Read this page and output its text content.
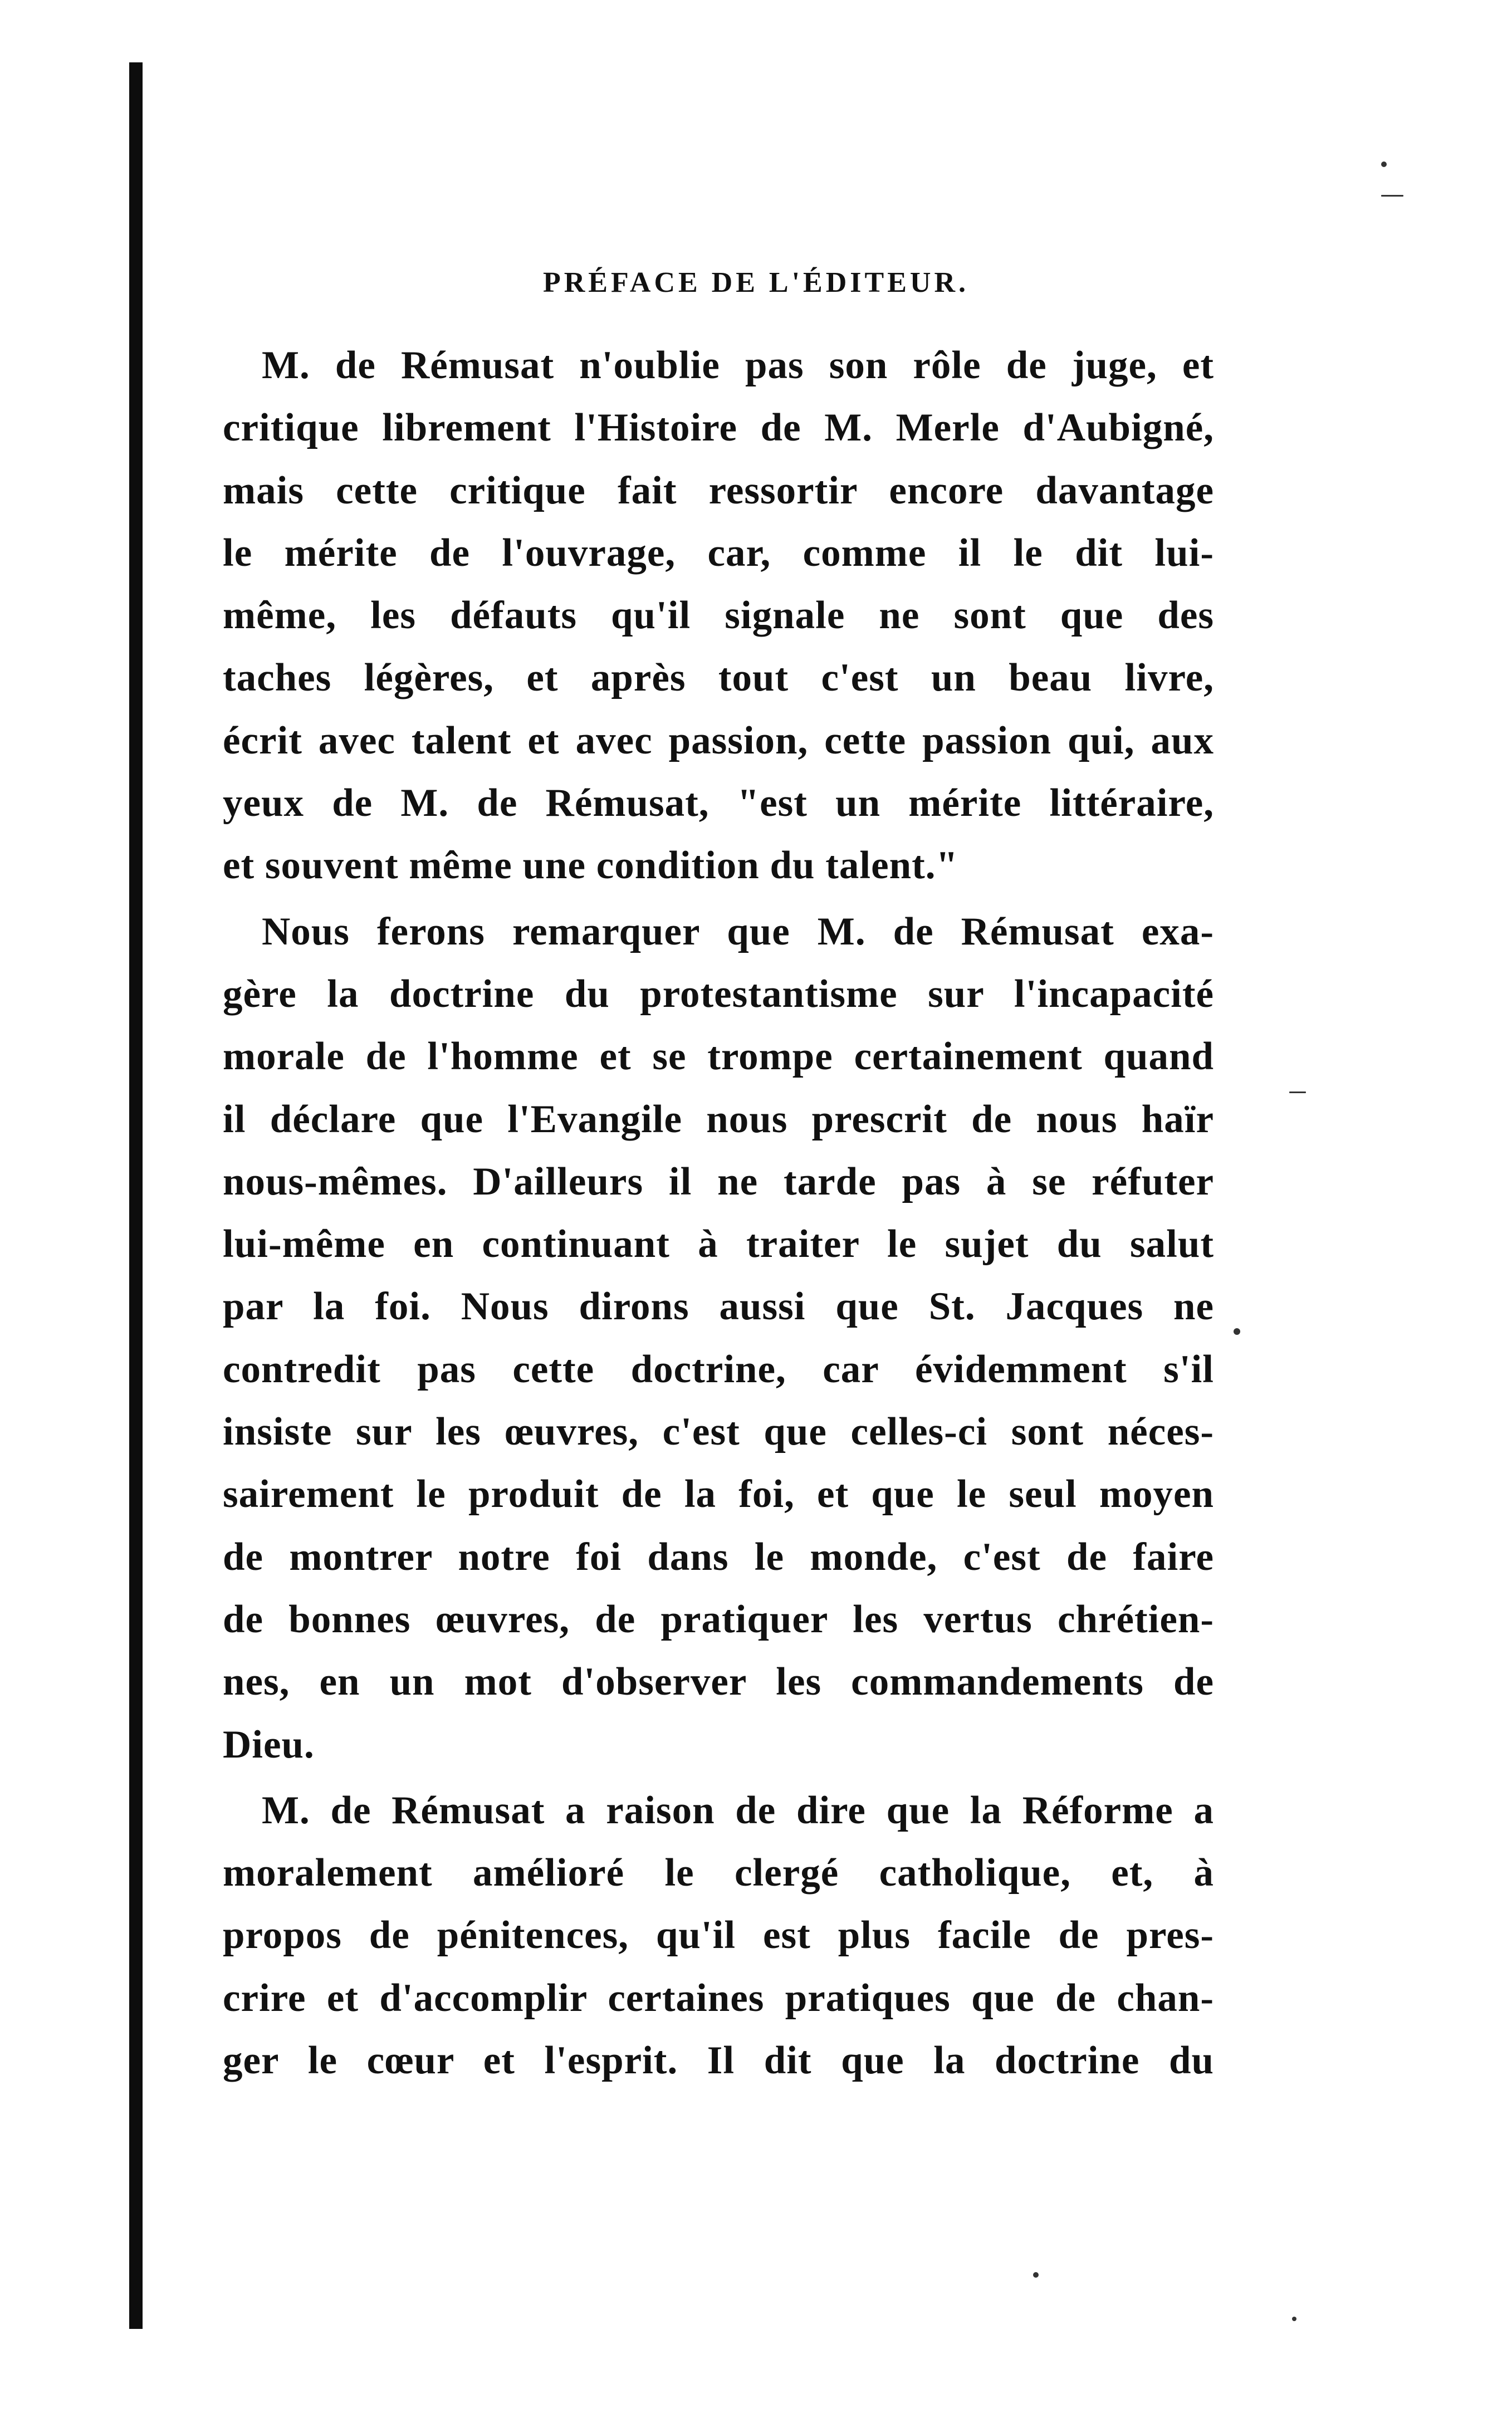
PRÉFACE DE L'ÉDITEUR.

M. de Rémusat n'oublie pas son rôle de juge, et
critique librement l'Histoire de M. Merle d'Aubigné,
mais cette critique fait ressortir encore davantage
le mérite de l'ouvrage, car, comme il le dit lui-
même, les défauts qu'il signale ne sont que des
taches légères, et après tout c'est un beau livre,
écrit avec talent et avec passion, cette passion qui, aux
yeux de M. de Rémusat, "est un mérite littéraire,
et souvent même une condition du talent."

Nous ferons remarquer que M. de Rémusat exa-
gère la doctrine du protestantisme sur l'incapacité
morale de l'homme et se trompe certainement quand
il déclare que l'Evangile nous prescrit de nous haïr
nous-mêmes. D'ailleurs il ne tarde pas à se réfuter
lui-même en continuant à traiter le sujet du salut
par la foi. Nous dirons aussi que St. Jacques ne
contredit pas cette doctrine, car évidemment s'il
insiste sur les œuvres, c'est que celles-ci sont néces-
sairement le produit de la foi, et que le seul moyen
de montrer notre foi dans le monde, c'est de faire
de bonnes œuvres, de pratiquer les vertus chrétien-
nes, en un mot d'observer les commandements de
Dieu.

M. de Rémusat a raison de dire que la Réforme a
moralement amélioré le clergé catholique, et, à
propos de pénitences, qu'il est plus facile de pres-
crire et d'accomplir certaines pratiques que de chan-
ger le cœur et l'esprit. Il dit que la doctrine du
